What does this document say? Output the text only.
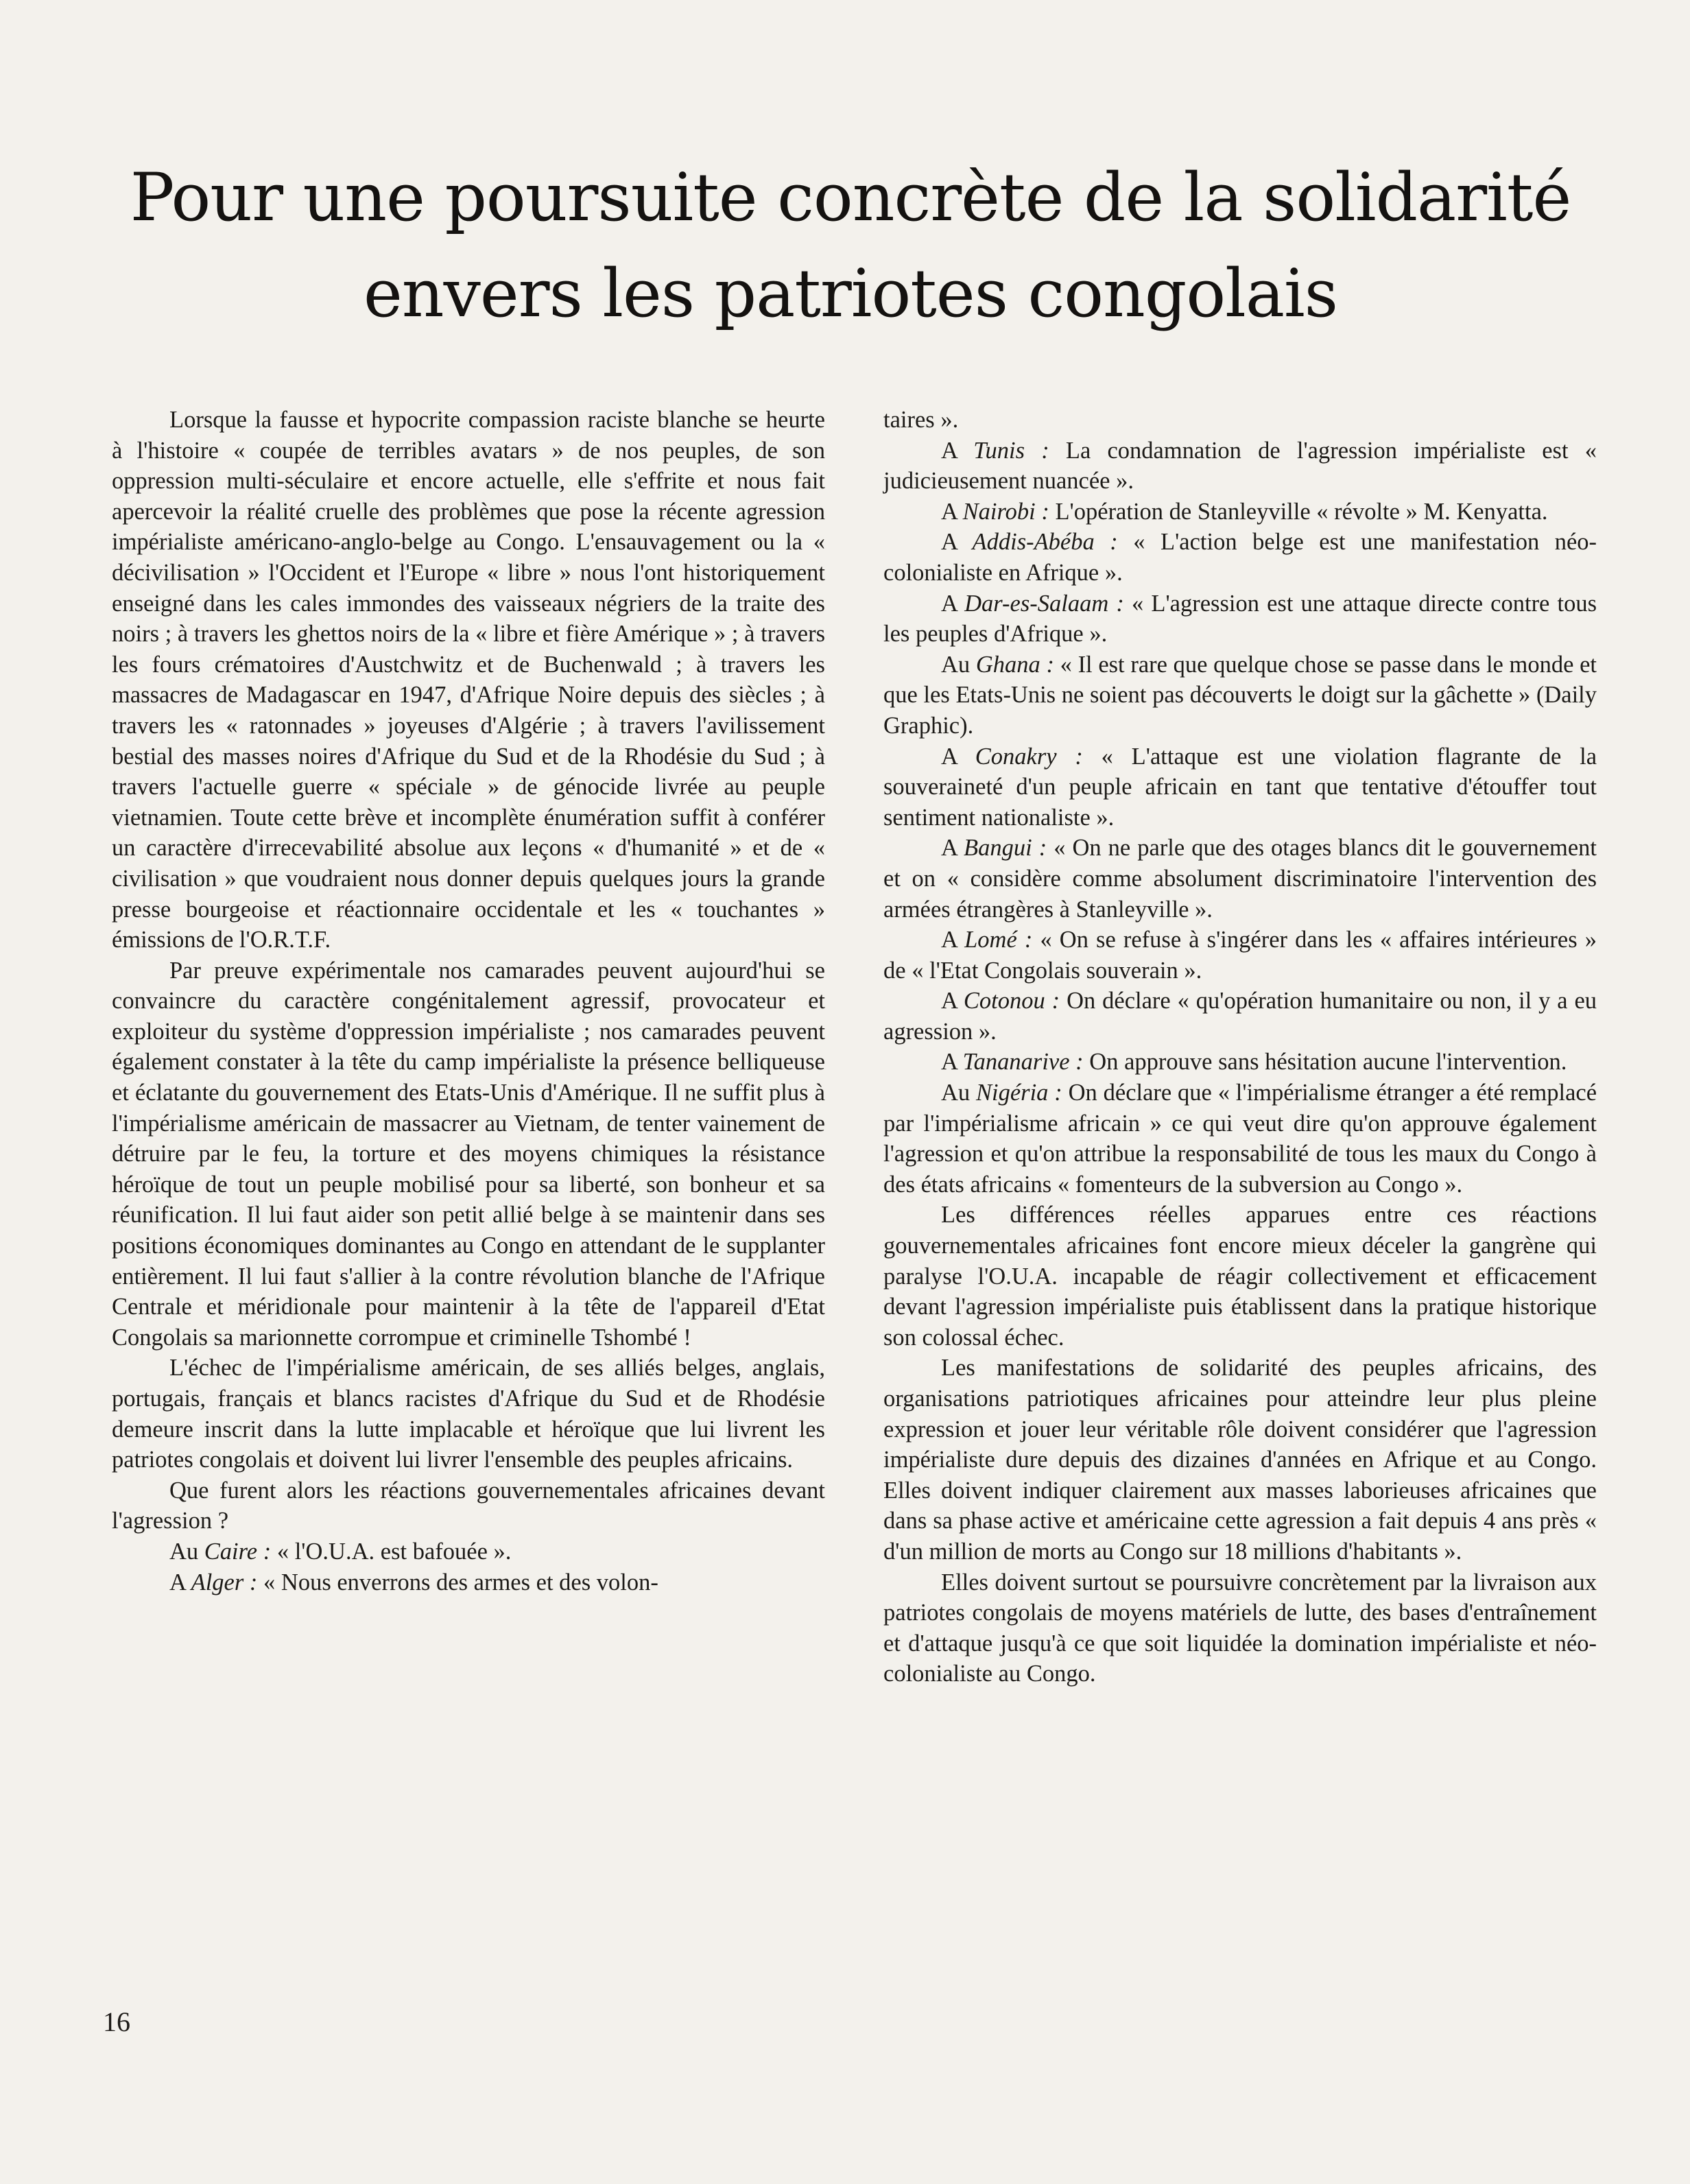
Pour une poursuite concrète de la solidarité
envers les patriotes congolais

Lorsque la fausse et hypocrite compassion raciste blanche se heurte à l'histoire « coupée de terribles avatars » de nos peuples, de son oppression multi-séculaire et encore actuelle, elle s'effrite et nous fait apercevoir la réalité cruelle des problèmes que pose la récente agression impérialiste américano-anglo-belge au Congo. L'ensauvagement ou la « décivilisation » l'Occident et l'Europe « libre » nous l'ont historiquement enseigné dans les cales immondes des vaisseaux négriers de la traite des noirs ; à travers les ghettos noirs de la « libre et fière Amérique » ; à travers les fours crématoires d'Austchwitz et de Buchenwald ; à travers les massacres de Madagascar en 1947, d'Afrique Noire depuis des siècles ; à travers les « ratonnades » joyeuses d'Algérie ; à travers l'avilissement bestial des masses noires d'Afrique du Sud et de la Rhodésie du Sud ; à travers l'actuelle guerre « spéciale » de génocide livrée au peuple vietnamien. Toute cette brève et incomplète énumération suffit à conférer un caractère d'irrecevabilité absolue aux leçons « d'humanité » et de « civilisation » que voudraient nous donner depuis quelques jours la grande presse bourgeoise et réactionnaire occidentale et les « touchantes » émissions de l'O.R.T.F.

Par preuve expérimentale nos camarades peuvent aujourd'hui se convaincre du caractère congénitalement agressif, provocateur et exploiteur du système d'oppression impérialiste ; nos camarades peuvent également constater à la tête du camp impérialiste la présence belliqueuse et éclatante du gouvernement des Etats-Unis d'Amérique. Il ne suffit plus à l'impérialisme américain de massacrer au Vietnam, de tenter vainement de détruire par le feu, la torture et des moyens chimiques la résistance héroïque de tout un peuple mobilisé pour sa liberté, son bonheur et sa réunification. Il lui faut aider son petit allié belge à se maintenir dans ses positions économiques dominantes au Congo en attendant de le supplanter entièrement. Il lui faut s'allier à la contre révolution blanche de l'Afrique Centrale et méridionale pour maintenir à la tête de l'appareil d'Etat Congolais sa marionnette corrompue et criminelle Tshombé !

L'échec de l'impérialisme américain, de ses alliés belges, anglais, portugais, français et blancs racistes d'Afrique du Sud et de Rhodésie demeure inscrit dans la lutte implacable et héroïque que lui livrent les patriotes congolais et doivent lui livrer l'ensemble des peuples africains.

Que furent alors les réactions gouvernementales africaines devant l'agression ?

Au Caire : « l'O.U.A. est bafouée ».

A Alger : « Nous enverrons des armes et des volon-

taires ».

A Tunis : La condamnation de l'agression impérialiste est « judicieusement nuancée ».

A Nairobi : L'opération de Stanleyville « révolte » M. Kenyatta.

A Addis-Abéba : « L'action belge est une manifestation néo-colonialiste en Afrique ».

A Dar-es-Salaam : « L'agression est une attaque directe contre tous les peuples d'Afrique ».

Au Ghana : « Il est rare que quelque chose se passe dans le monde et que les Etats-Unis ne soient pas découverts le doigt sur la gâchette » (Daily Graphic).

A Conakry : « L'attaque est une violation flagrante de la souveraineté d'un peuple africain en tant que tentative d'étouffer tout sentiment nationaliste ».

A Bangui : « On ne parle que des otages blancs dit le gouvernement et on « considère comme absolument discriminatoire l'intervention des armées étrangères à Stanleyville ».

A Lomé : « On se refuse à s'ingérer dans les « affaires intérieures » de « l'Etat Congolais souverain ».

A Cotonou : On déclare « qu'opération humanitaire ou non, il y a eu agression ».

A Tananarive : On approuve sans hésitation aucune l'intervention.

Au Nigéria : On déclare que « l'impérialisme étranger a été remplacé par l'impérialisme africain » ce qui veut dire qu'on approuve également l'agression et qu'on attribue la responsabilité de tous les maux du Congo à des états africains « fomenteurs de la subversion au Congo ».

Les différences réelles apparues entre ces réactions gouvernementales africaines font encore mieux déceler la gangrène qui paralyse l'O.U.A. incapable de réagir collectivement et efficacement devant l'agression impérialiste puis établissent dans la pratique historique son colossal échec.

Les manifestations de solidarité des peuples africains, des organisations patriotiques africaines pour atteindre leur plus pleine expression et jouer leur véritable rôle doivent considérer que l'agression impérialiste dure depuis des dizaines d'années en Afrique et au Congo. Elles doivent indiquer clairement aux masses laborieuses africaines que dans sa phase active et américaine cette agression a fait depuis 4 ans près « d'un million de morts au Congo sur 18 millions d'habitants ».

Elles doivent surtout se poursuivre concrètement par la livraison aux patriotes congolais de moyens matériels de lutte, des bases d'entraînement et d'attaque jusqu'à ce que soit liquidée la domination impérialiste et néo-colonialiste au Congo.

16
